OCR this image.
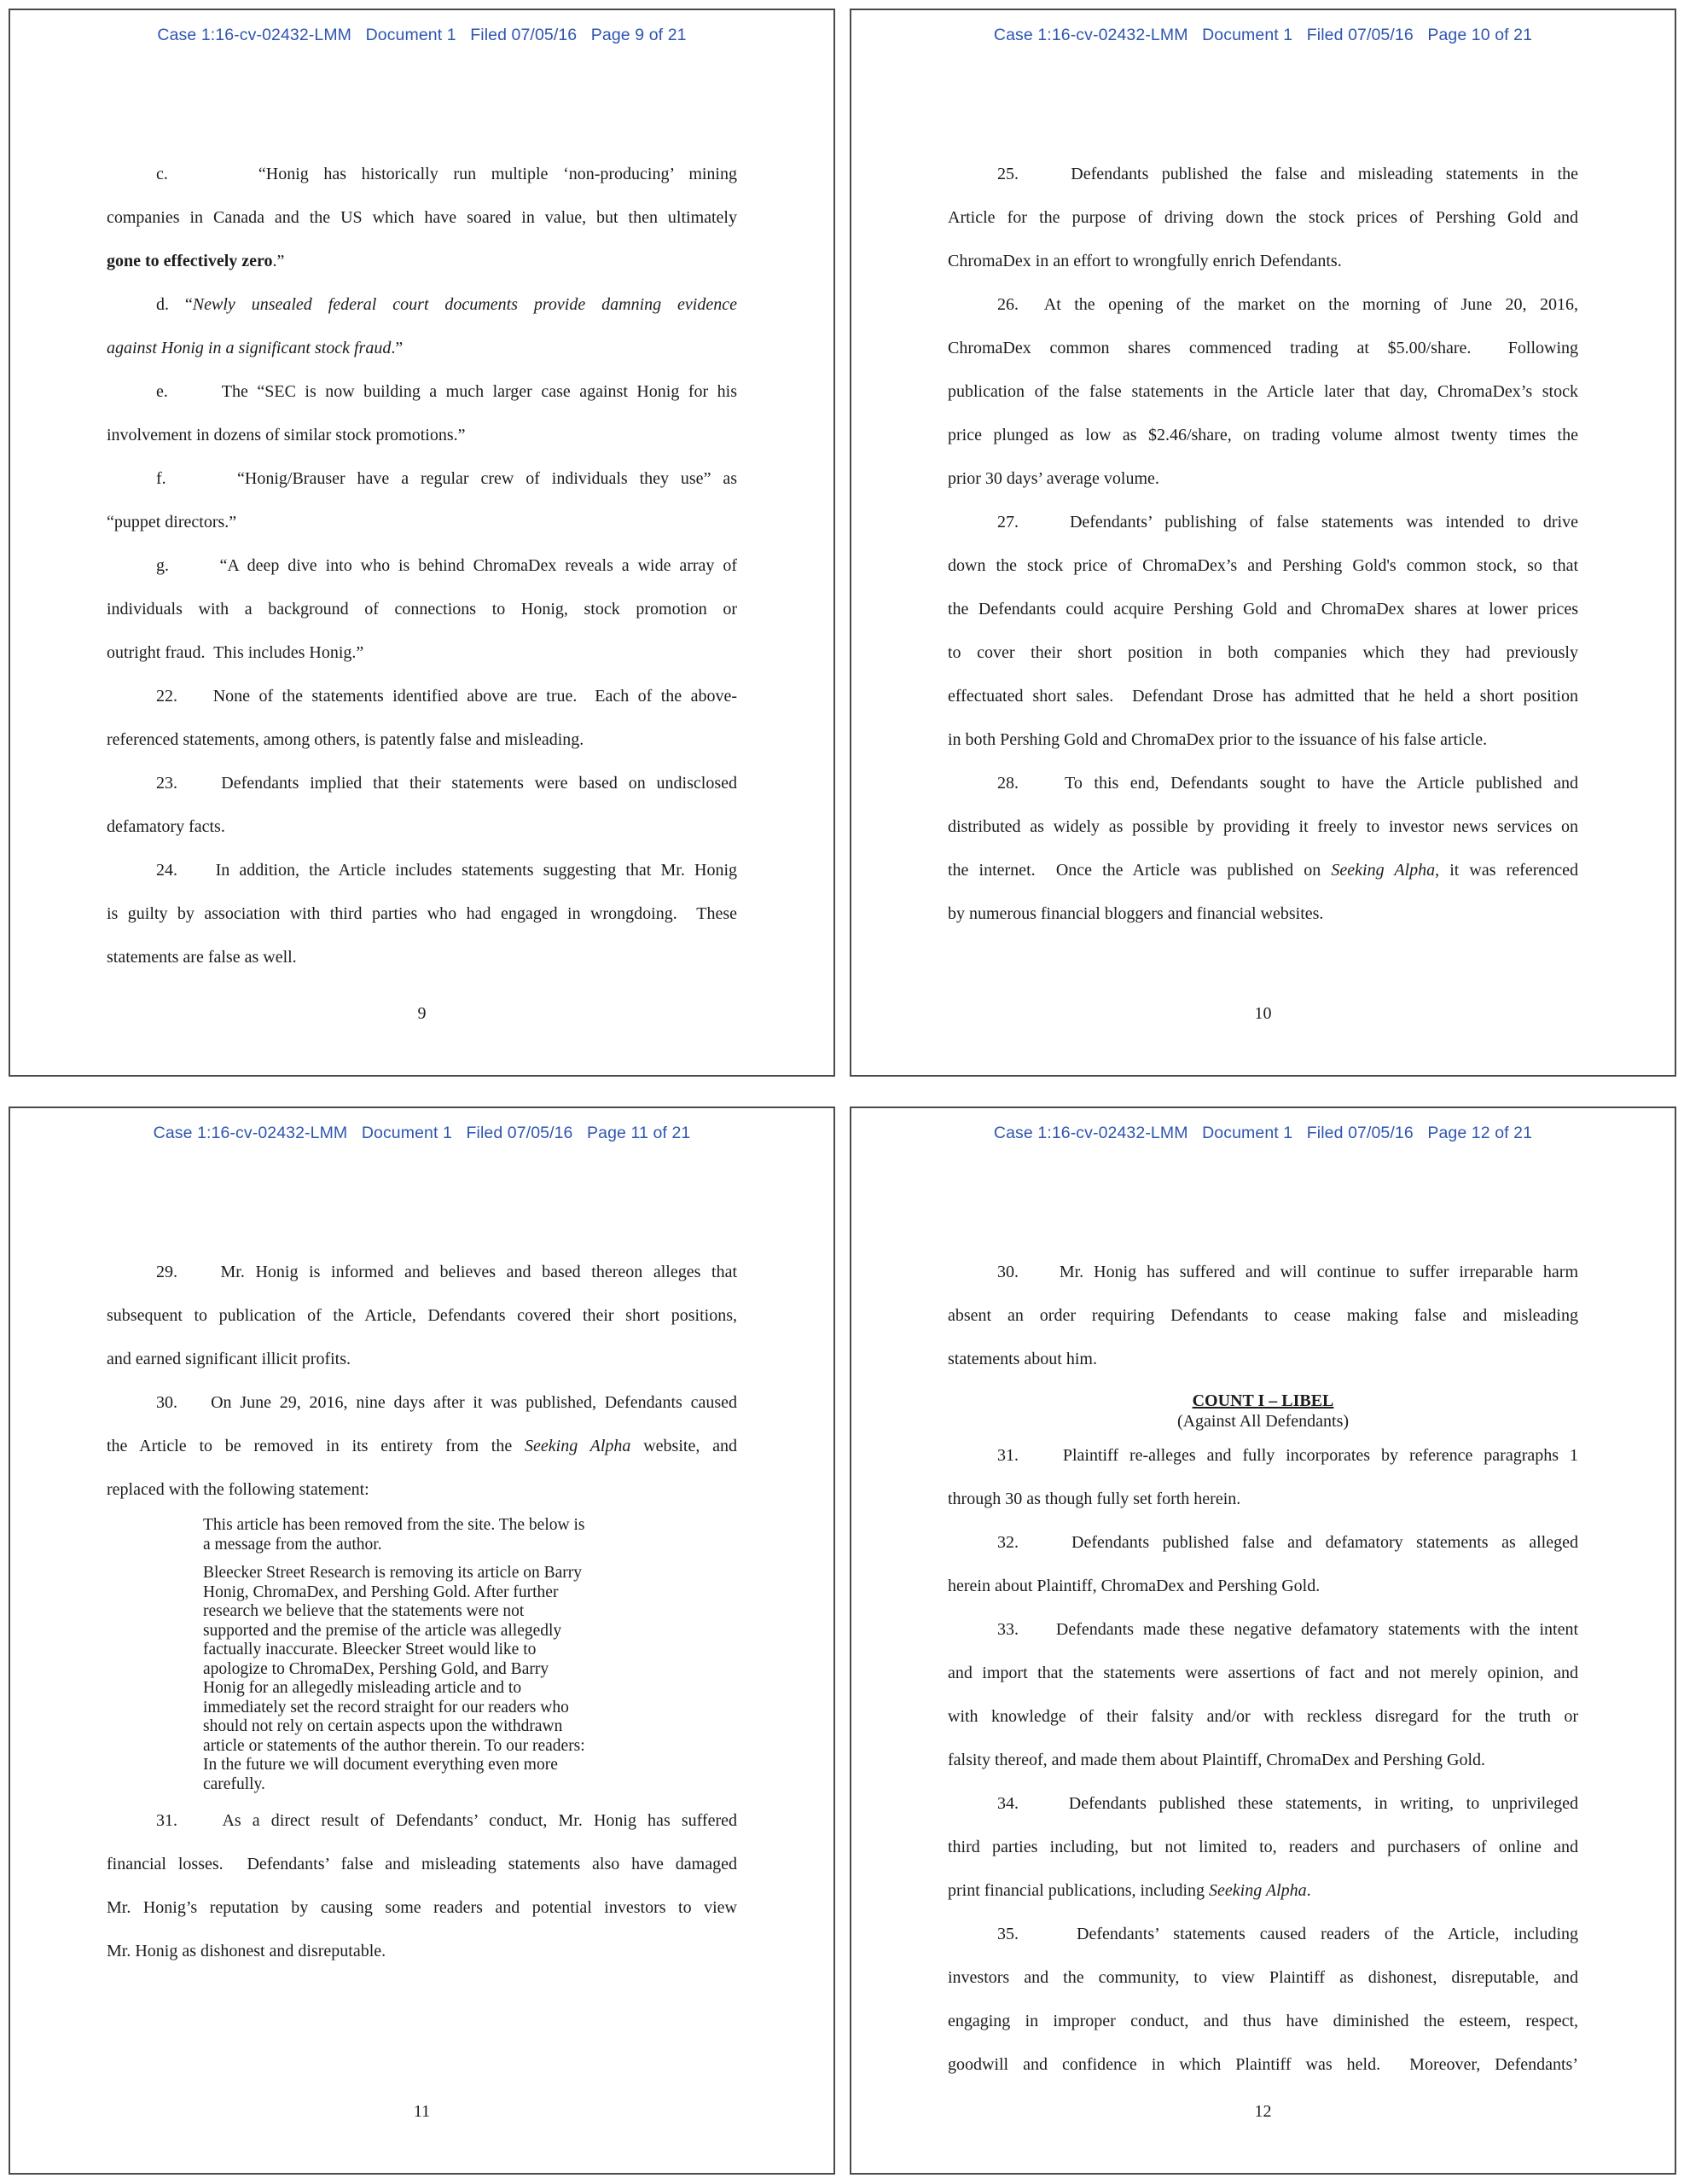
Case 1:16-cv-02432-LMM   Document 1   Filed 07/05/16   Page 9 of 21
c.      “Honig has historically run multiple ‘non-producing’ mining
companies in Canada and the US which have soared in value, but then ultimately
gone to effectively zero.”
d. “Newly unsealed federal court documents provide damning evidence
against Honig in a significant stock fraud.”
e.      The “SEC is now building a much larger case against Honig for his
involvement in dozens of similar stock promotions.”
f.      “Honig/Brauser have a regular crew of individuals they use” as
“puppet directors.”
g.      “A deep dive into who is behind ChromaDex reveals a wide array of
individuals with a background of connections to Honig, stock promotion or
outright fraud.  This includes Honig.”
22.    None of the statements identified above are true.  Each of the above-
referenced statements, among others, is patently false and misleading.
23.    Defendants implied that their statements were based on undisclosed
defamatory facts.
24.    In addition, the Article includes statements suggesting that Mr. Honig
is guilty by association with third parties who had engaged in wrongdoing.  These
statements are false as well.
9
Case 1:16-cv-02432-LMM   Document 1   Filed 07/05/16   Page 10 of 21
25.    Defendants published the false and misleading statements in the
Article for the purpose of driving down the stock prices of Pershing Gold and
ChromaDex in an effort to wrongfully enrich Defendants.
26.  At the opening of the market on the morning of June 20, 2016,
ChromaDex common shares commenced trading at $5.00/share.  Following
publication of the false statements in the Article later that day, ChromaDex’s stock
price plunged as low as $2.46/share, on trading volume almost twenty times the
prior 30 days’ average volume.
27.    Defendants’ publishing of false statements was intended to drive
down the stock price of ChromaDex’s and Pershing Gold's common stock, so that
the Defendants could acquire Pershing Gold and ChromaDex shares at lower prices
to cover their short position in both companies which they had previously
effectuated short sales.  Defendant Drose has admitted that he held a short position
in both Pershing Gold and ChromaDex prior to the issuance of his false article.
28.    To this end, Defendants sought to have the Article published and
distributed as widely as possible by providing it freely to investor news services on
the internet.  Once the Article was published on Seeking Alpha, it was referenced
by numerous financial bloggers and financial websites.
10
Case 1:16-cv-02432-LMM   Document 1   Filed 07/05/16   Page 11 of 21
29.    Mr. Honig is informed and believes and based thereon alleges that
subsequent to publication of the Article, Defendants covered their short positions,
and earned significant illicit profits.
30.    On June 29, 2016, nine days after it was published, Defendants caused
the Article to be removed in its entirety from the Seeking Alpha website, and
replaced with the following statement:
This article has been removed from the site. The below is
a message from the author.
Bleecker Street Research is removing its article on Barry
Honig, ChromaDex, and Pershing Gold. After further
research we believe that the statements were not
supported and the premise of the article was allegedly
factually inaccurate. Bleecker Street would like to
apologize to ChromaDex, Pershing Gold, and Barry
Honig for an allegedly misleading article and to
immediately set the record straight for our readers who
should not rely on certain aspects upon the withdrawn
article or statements of the author therein. To our readers:
In the future we will document everything even more
carefully.
31.    As a direct result of Defendants’ conduct, Mr. Honig has suffered
financial losses.  Defendants’ false and misleading statements also have damaged
Mr. Honig’s reputation by causing some readers and potential investors to view
Mr. Honig as dishonest and disreputable.
11
Case 1:16-cv-02432-LMM   Document 1   Filed 07/05/16   Page 12 of 21
30.    Mr. Honig has suffered and will continue to suffer irreparable harm
absent an order requiring Defendants to cease making false and misleading
statements about him.
COUNT I – LIBEL
(Against All Defendants)
31.    Plaintiff re-alleges and fully incorporates by reference paragraphs 1
through 30 as though fully set forth herein.
32.    Defendants published false and defamatory statements as alleged
herein about Plaintiff, ChromaDex and Pershing Gold.
33.    Defendants made these negative defamatory statements with the intent
and import that the statements were assertions of fact and not merely opinion, and
with knowledge of their falsity and/or with reckless disregard for the truth or
falsity thereof, and made them about Plaintiff, ChromaDex and Pershing Gold.
34.    Defendants published these statements, in writing, to unprivileged
third parties including, but not limited to, readers and purchasers of online and
print financial publications, including Seeking Alpha.
35.    Defendants’ statements caused readers of the Article, including
investors and the community, to view Plaintiff as dishonest, disreputable, and
engaging in improper conduct, and thus have diminished the esteem, respect,
goodwill and confidence in which Plaintiff was held.  Moreover, Defendants’
12
